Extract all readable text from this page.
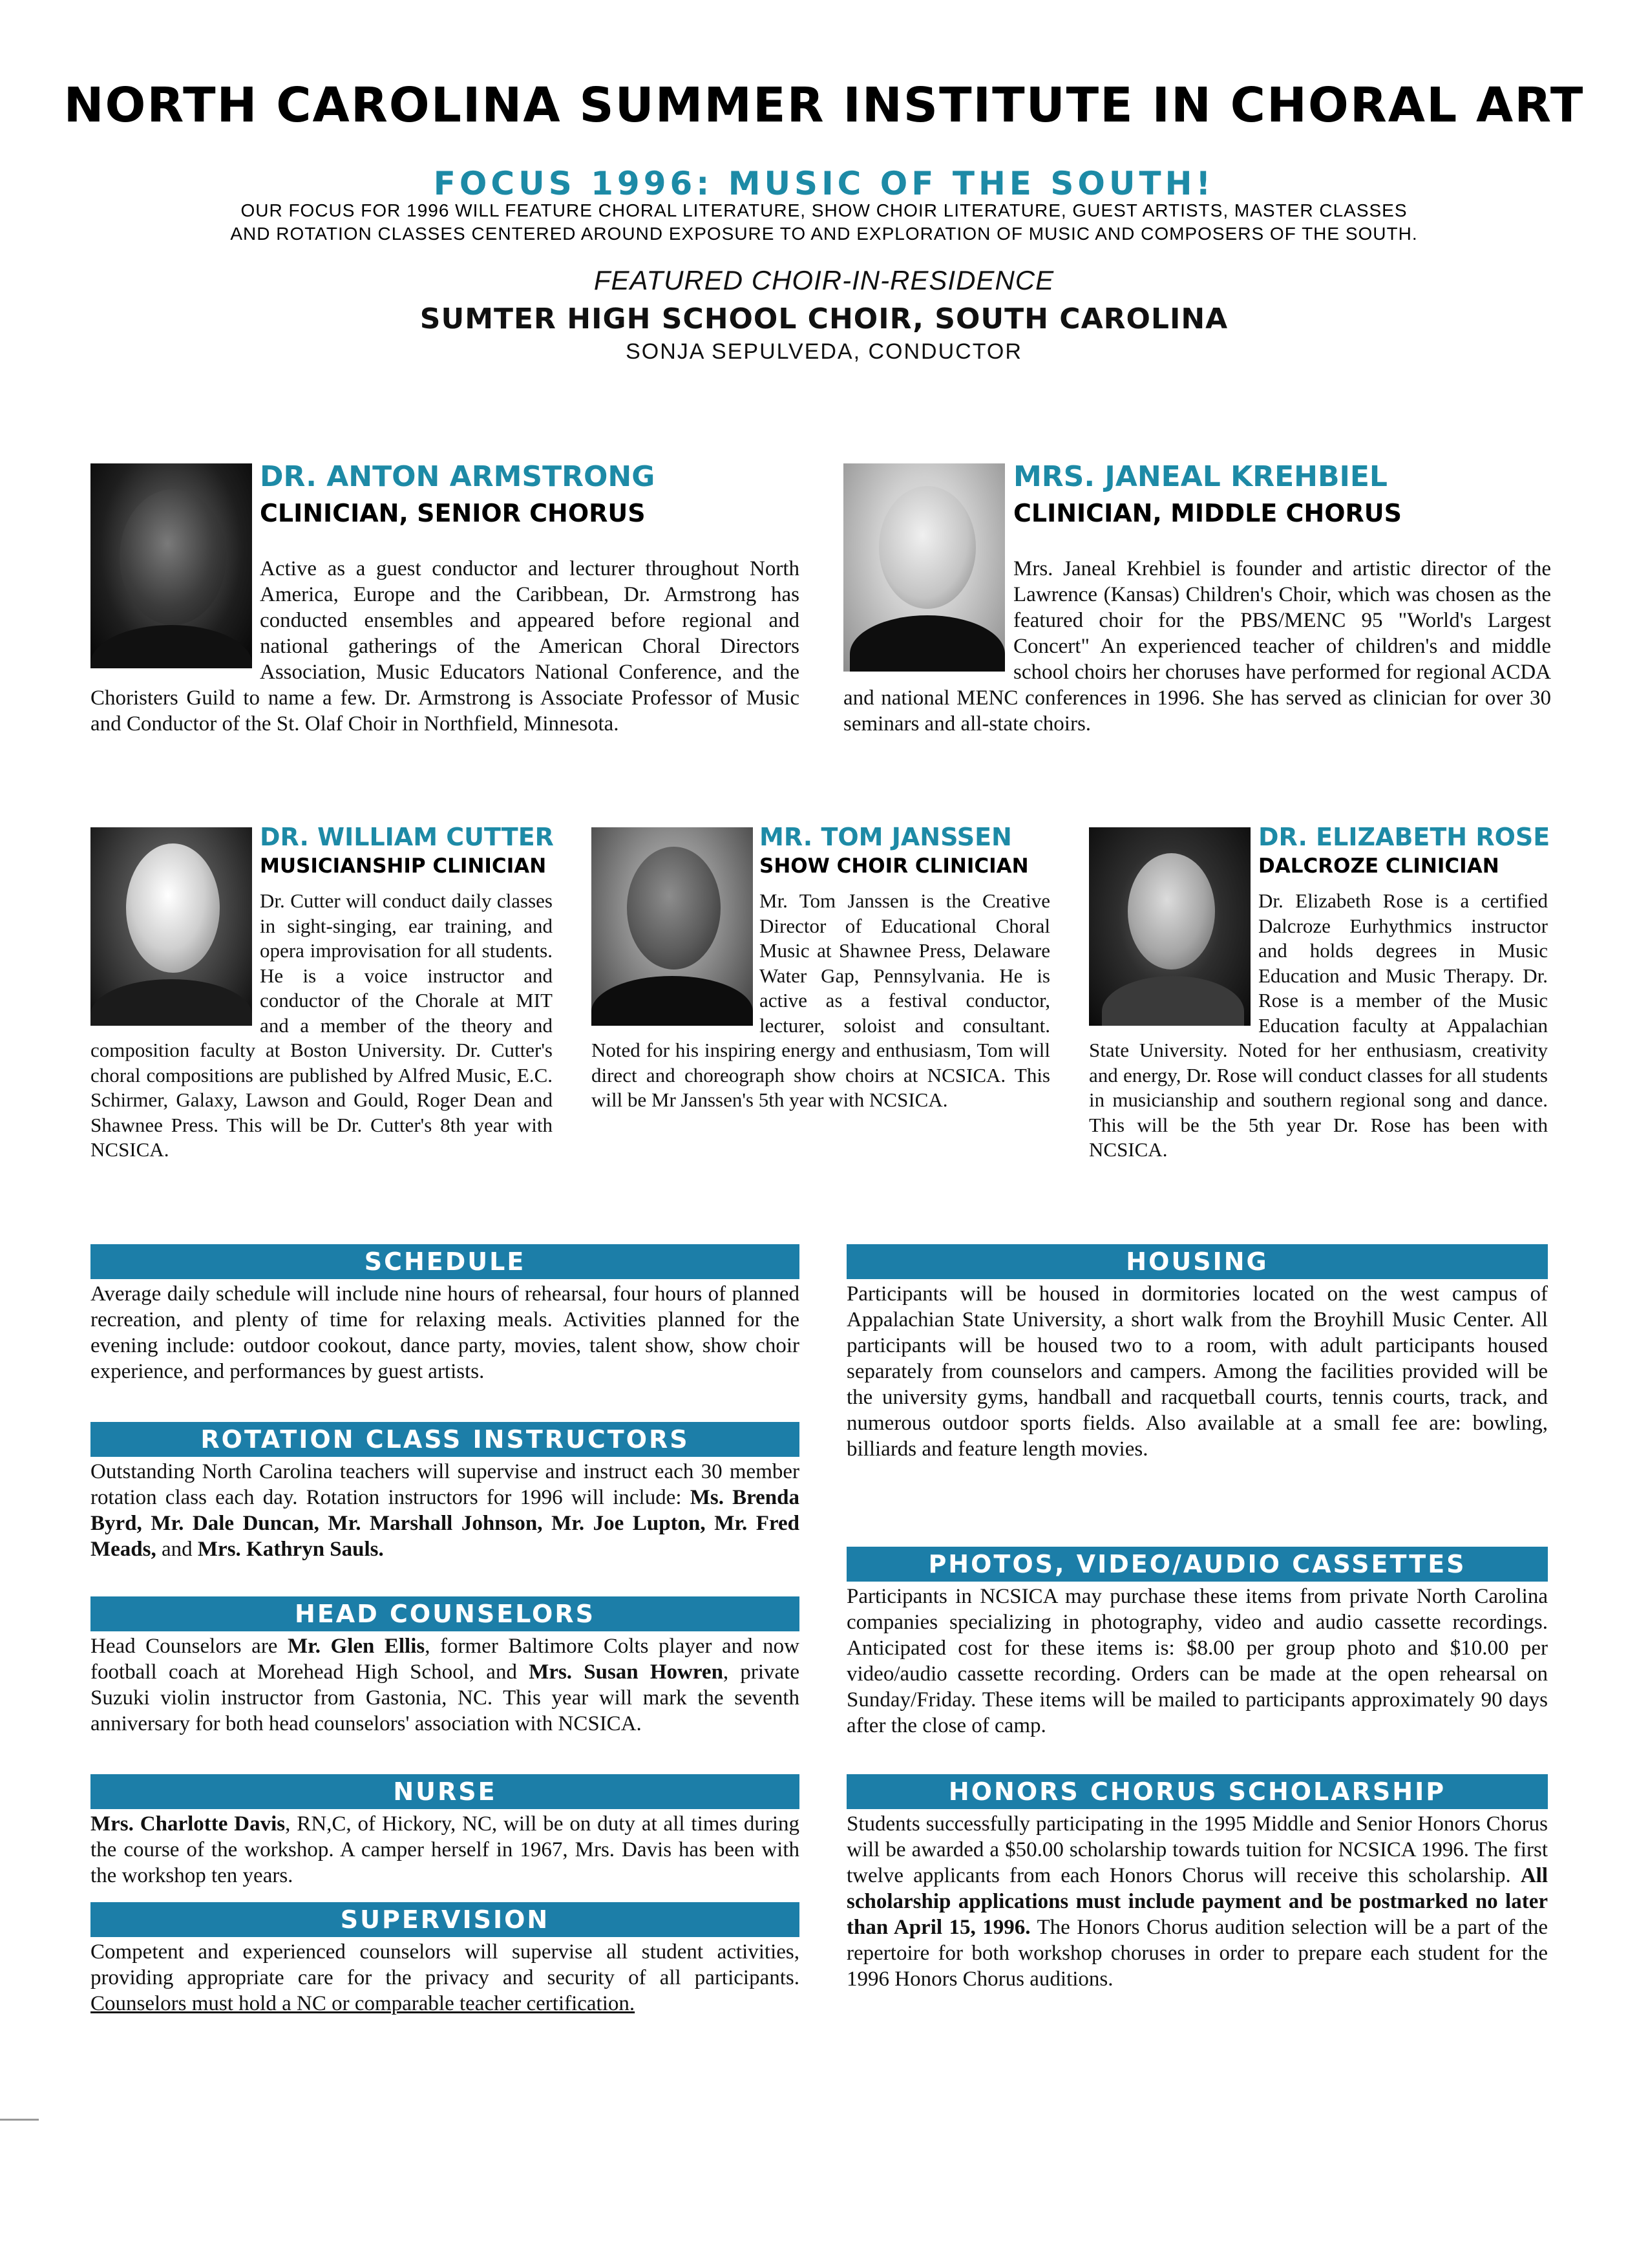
NORTH CAROLINA SUMMER INSTITUTE IN CHORAL ART
FOCUS 1996: MUSIC OF THE SOUTH!
OUR FOCUS FOR 1996 WILL FEATURE CHORAL LITERATURE, SHOW CHOIR LITERATURE, GUEST ARTISTS, MASTER CLASSES
AND ROTATION CLASSES CENTERED AROUND EXPOSURE TO AND EXPLORATION OF MUSIC AND COMPOSERS OF THE SOUTH.
FEATURED CHOIR-IN-RESIDENCE
SUMTER HIGH SCHOOL CHOIR, SOUTH CAROLINA
SONJA SEPULVEDA, CONDUCTOR
DR. ANTON ARMSTRONG
CLINICIAN, SENIOR CHORUS
Active as a guest conductor and lecturer throughout North America, Europe and the Caribbean, Dr. Armstrong has conducted ensembles and appeared before regional and national gatherings of the American Choral Directors Association, Music Educators National Conference, and the Choristers Guild to name a few. Dr. Armstrong is Associate Professor of Music and Conductor of the St. Olaf Choir in Northfield, Minnesota.
MRS. JANEAL KREHBIEL
CLINICIAN, MIDDLE CHORUS
Mrs. Janeal Krehbiel is founder and artistic director of the Lawrence (Kansas) Children's Choir, which was chosen as the featured choir for the PBS/MENC 95 "World's Largest Concert" An experienced teacher of children's and middle school choirs her choruses have performed for regional ACDA and national MENC conferences in 1996. She has served as clinician for over 30 seminars and all-state choirs.
DR. WILLIAM CUTTER
MUSICIANSHIP CLINICIAN
Dr. Cutter will conduct daily classes in sight-singing, ear training, and opera improvisation for all students. He is a voice instructor and conductor of the Chorale at MIT and a member of the theory and composition faculty at Boston University. Dr. Cutter's choral compositions are published by Alfred Music, E.C. Schirmer, Galaxy, Lawson and Gould, Roger Dean and Shawnee Press. This will be Dr. Cutter's 8th year with NCSICA.
MR. TOM JANSSEN
SHOW CHOIR CLINICIAN
Mr. Tom Janssen is the Creative Director of Educational Choral Music at Shawnee Press, Delaware Water Gap, Pennsylvania. He is active as a festival conductor, lecturer, soloist and consultant. Noted for his inspiring energy and enthusiasm, Tom will direct and choreograph show choirs at NCSICA. This will be Mr Janssen's 5th year with NCSICA.
DR. ELIZABETH ROSE
DALCROZE CLINICIAN
Dr. Elizabeth Rose is a certified Dalcroze Eurhythmics instructor and holds degrees in Music Education and Music Therapy. Dr. Rose is a member of the Music Education faculty at Appalachian State University. Noted for her enthusiasm, creativity and energy, Dr. Rose will conduct classes for all students in musicianship and southern regional song and dance. This will be the 5th year Dr. Rose has been with NCSICA.
SCHEDULE
Average daily schedule will include nine hours of rehearsal, four hours of planned recreation, and plenty of time for relaxing meals. Activities planned for the evening include: outdoor cookout, dance party, movies, talent show, show choir experience, and performances by guest artists.
ROTATION CLASS INSTRUCTORS
Outstanding North Carolina teachers will supervise and instruct each 30 member rotation class each day. Rotation instructors for 1996 will include: Ms. Brenda Byrd, Mr. Dale Duncan, Mr. Marshall Johnson, Mr. Joe Lupton, Mr. Fred Meads, and Mrs. Kathryn Sauls.
HEAD COUNSELORS
Head Counselors are Mr. Glen Ellis, former Baltimore Colts player and now football coach at Morehead High School, and Mrs. Susan Howren, private Suzuki violin instructor from Gastonia, NC. This year will mark the seventh anniversary for both head counselors' association with NCSICA.
NURSE
Mrs. Charlotte Davis, RN,C, of Hickory, NC, will be on duty at all times during the course of the workshop. A camper herself in 1967, Mrs. Davis has been with the workshop ten years.
SUPERVISION
Competent and experienced counselors will supervise all student activities, providing appropriate care for the privacy and security of all participants. Counselors must hold a NC or comparable teacher certification.
HOUSING
Participants will be housed in dormitories located on the west campus of Appalachian State University, a short walk from the Broyhill Music Center. All participants will be housed two to a room, with adult participants housed separately from counselors and campers. Among the facilities provided will be the university gyms, handball and racquetball courts, tennis courts, track, and numerous outdoor sports fields. Also available at a small fee are: bowling, billiards and feature length movies.
PHOTOS, VIDEO/AUDIO CASSETTES
Participants in NCSICA may purchase these items from private North Carolina companies specializing in photography, video and audio cassette recordings. Anticipated cost for these items is: $8.00 per group photo and $10.00 per video/audio cassette recording. Orders can be made at the open rehearsal on Sunday/Friday. These items will be mailed to participants approximately 90 days after the close of camp.
HONORS CHORUS SCHOLARSHIP
Students successfully participating in the 1995 Middle and Senior Honors Chorus will be awarded a $50.00 scholarship towards tuition for NCSICA 1996. The first twelve applicants from each Honors Chorus will receive this scholarship. All scholarship applications must include payment and be postmarked no later than April 15, 1996. The Honors Chorus audition selection will be a part of the repertoire for both workshop choruses in order to prepare each student for the 1996 Honors Chorus auditions.
